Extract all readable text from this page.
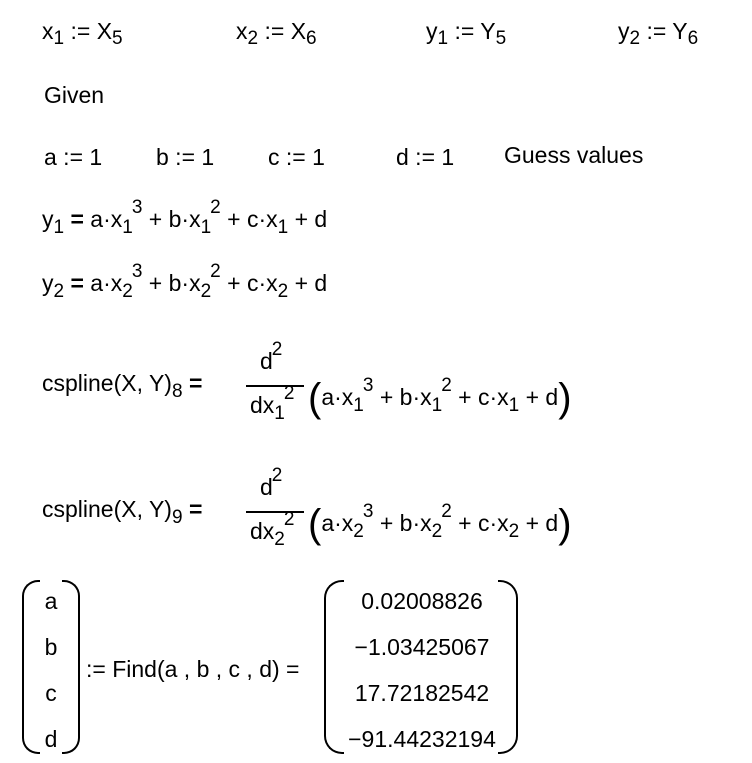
$x_1$ := $X_5$	$x_2$ := $X_6$	$y_1$ := $Y_5$	$y_2$ := $Y_6$
Given
a := 1 b := 1 c := 1	d := 1 Guess values
$y_1 = a\cdot x_1^3 + b\cdot x_1^2 + c\cdot x_1 + d$
$y_2 = a\cdot x_2^3 + b\cdot x_2^2 + c\cdot x_2 + d$
cspline(X, $Y)_8$ =
$d^2$
$dx_1^2$ $(a\cdot x_1^3 + b\cdot x_1^2 + c\cdot x_1 + d)$
cspline(X, $Y)_9$ =
$d^2$
$dx_2^2$ $(a\cdot x_2^3 + b\cdot x_2^2 + c\cdot x_2 + d)$
a
b
c
d
:= Find(a , b , c , d) =
0.02008826
−1.03425067
17.72182542
−91.44232194
